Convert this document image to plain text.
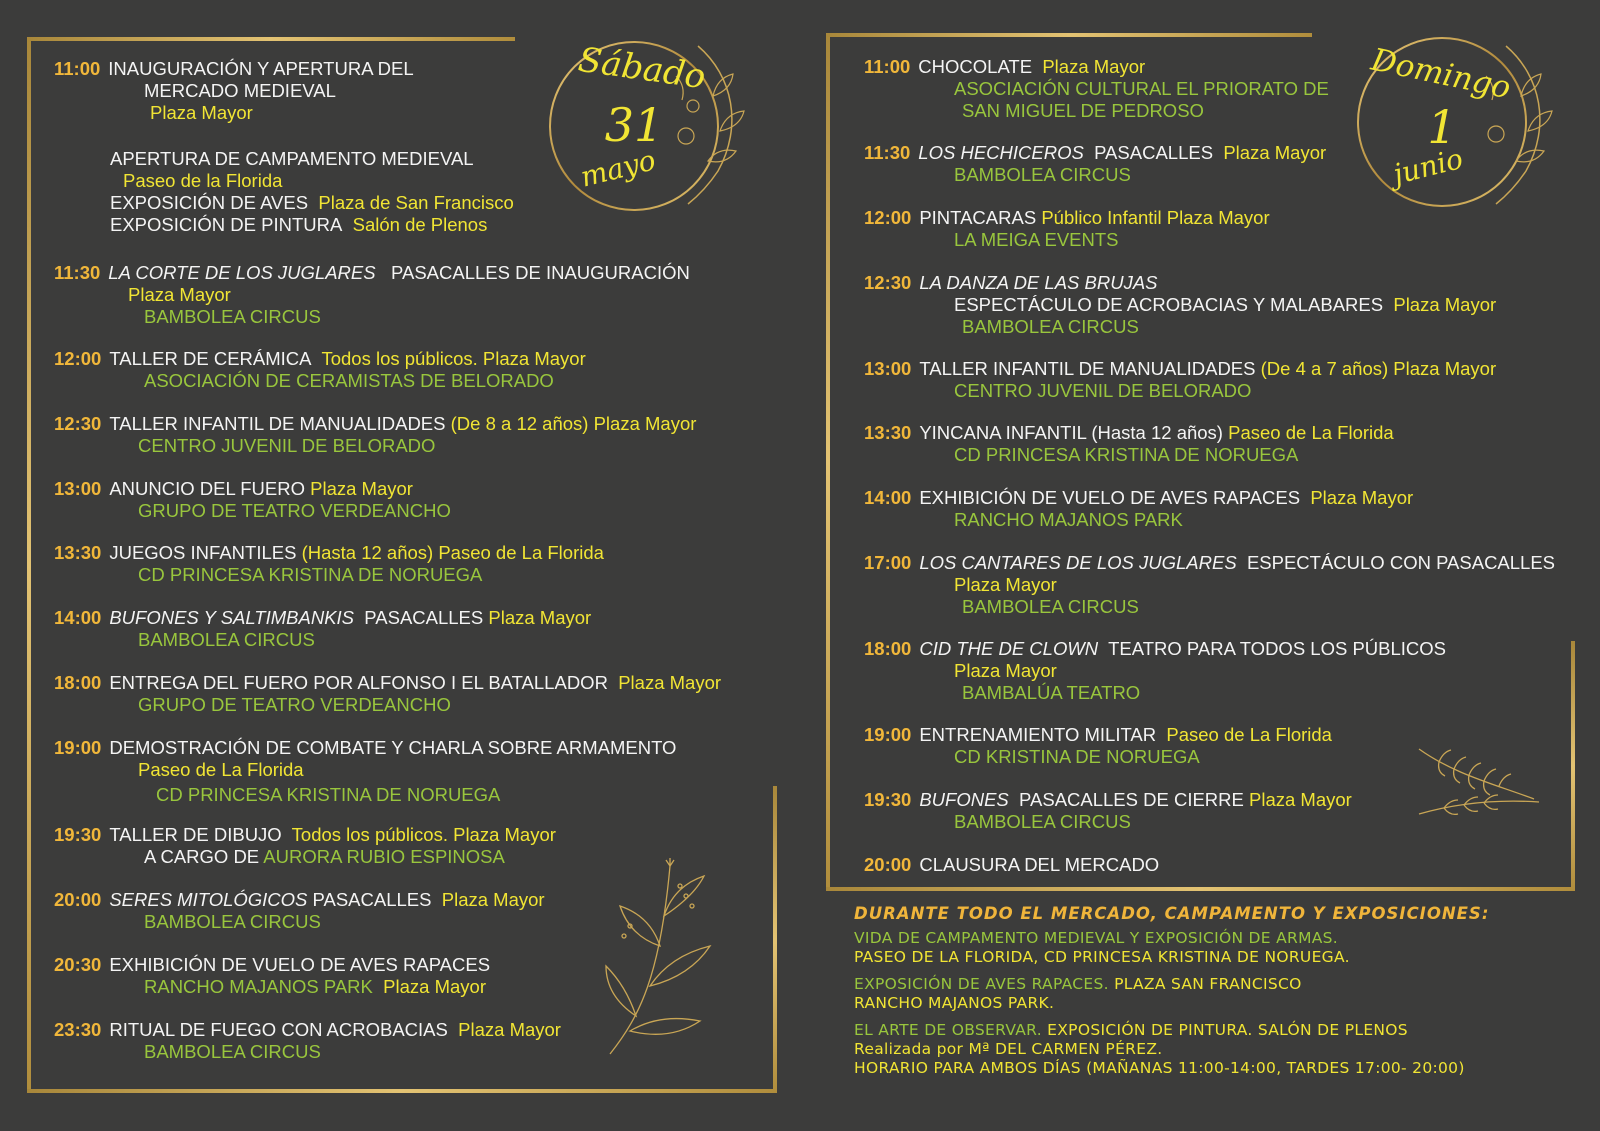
Sábado
31
mayo
Domingo
1
junio
11:00 INAUGURACIÓN Y APERTURA DEL
MERCADO MEDIEVAL
Plaza Mayor
APERTURA DE CAMPAMENTO MEDIEVAL
Paseo de la Florida
EXPOSICIÓN DE AVES Plaza de San Francisco
EXPOSICIÓN DE PINTURA Salón de Plenos
11:30 LA CORTE DE LOS JUGLARES PASACALLES DE INAUGURACIÓN
Plaza Mayor
BAMBOLEA CIRCUS
12:00 TALLER DE CERÁMICA Todos los públicos. Plaza Mayor
ASOCIACIÓN DE CERAMISTAS DE BELORADO
12:30 TALLER INFANTIL DE MANUALIDADES (De 8 a 12 años) Plaza Mayor
CENTRO JUVENIL DE BELORADO
13:00 ANUNCIO DEL FUERO Plaza Mayor
GRUPO DE TEATRO VERDEANCHO
13:30 JUEGOS INFANTILES (Hasta 12 años) Paseo de La Florida
CD PRINCESA KRISTINA DE NORUEGA
14:00 BUFONES Y SALTIMBANKIS PASACALLES Plaza Mayor
BAMBOLEA CIRCUS
18:00 ENTREGA DEL FUERO POR ALFONSO I EL BATALLADOR Plaza Mayor
GRUPO DE TEATRO VERDEANCHO
19:00 DEMOSTRACIÓN DE COMBATE Y CHARLA SOBRE ARMAMENTO
Paseo de La Florida
CD PRINCESA KRISTINA DE NORUEGA
19:30 TALLER DE DIBUJO Todos los públicos. Plaza Mayor
A CARGO DE AURORA RUBIO ESPINOSA
20:00 SERES MITOLÓGICOS PASACALLES Plaza Mayor
BAMBOLEA CIRCUS
20:30 EXHIBICIÓN DE VUELO DE AVES RAPACES
RANCHO MAJANOS PARK Plaza Mayor
23:30 RITUAL DE FUEGO CON ACROBACIAS Plaza Mayor
BAMBOLEA CIRCUS
11:00 CHOCOLATE Plaza Mayor
ASOCIACIÓN CULTURAL EL PRIORATO DE
SAN MIGUEL DE PEDROSO
11:30 LOS HECHICEROS PASACALLES Plaza Mayor
BAMBOLEA CIRCUS
12:00 PINTACARAS Público Infantil Plaza Mayor
LA MEIGA EVENTS
12:30 LA DANZA DE LAS BRUJAS
ESPECTÁCULO DE ACROBACIAS Y MALABARES Plaza Mayor
BAMBOLEA CIRCUS
13:00 TALLER INFANTIL DE MANUALIDADES (De 4 a 7 años) Plaza Mayor
CENTRO JUVENIL DE BELORADO
13:30 YINCANA INFANTIL (Hasta 12 años) Paseo de La Florida
CD PRINCESA KRISTINA DE NORUEGA
14:00 EXHIBICIÓN DE VUELO DE AVES RAPACES Plaza Mayor
RANCHO MAJANOS PARK
17:00 LOS CANTARES DE LOS JUGLARES ESPECTÁCULO CON PASACALLES
Plaza Mayor
BAMBOLEA CIRCUS
18:00 CID THE DE CLOWN TEATRO PARA TODOS LOS PÚBLICOS
Plaza Mayor
BAMBALÚA TEATRO
19:00 ENTRENAMIENTO MILITAR Paseo de La Florida
CD KRISTINA DE NORUEGA
19:30 BUFONES PASACALLES DE CIERRE Plaza Mayor
BAMBOLEA CIRCUS
20:00 CLAUSURA DEL MERCADO
DURANTE TODO EL MERCADO, CAMPAMENTO Y EXPOSICIONES:
VIDA DE CAMPAMENTO MEDIEVAL Y EXPOSICIÓN DE ARMAS.
PASEO DE LA FLORIDA, CD PRINCESA KRISTINA DE NORUEGA.
EXPOSICIÓN DE AVES RAPACES. PLAZA SAN FRANCISCO
RANCHO MAJANOS PARK.
EL ARTE DE OBSERVAR. EXPOSICIÓN DE PINTURA. SALÓN DE PLENOS
Realizada por Mª DEL CARMEN PÉREZ.
HORARIO PARA AMBOS DÍAS (MAÑANAS 11:00-14:00, TARDES 17:00- 20:00)
